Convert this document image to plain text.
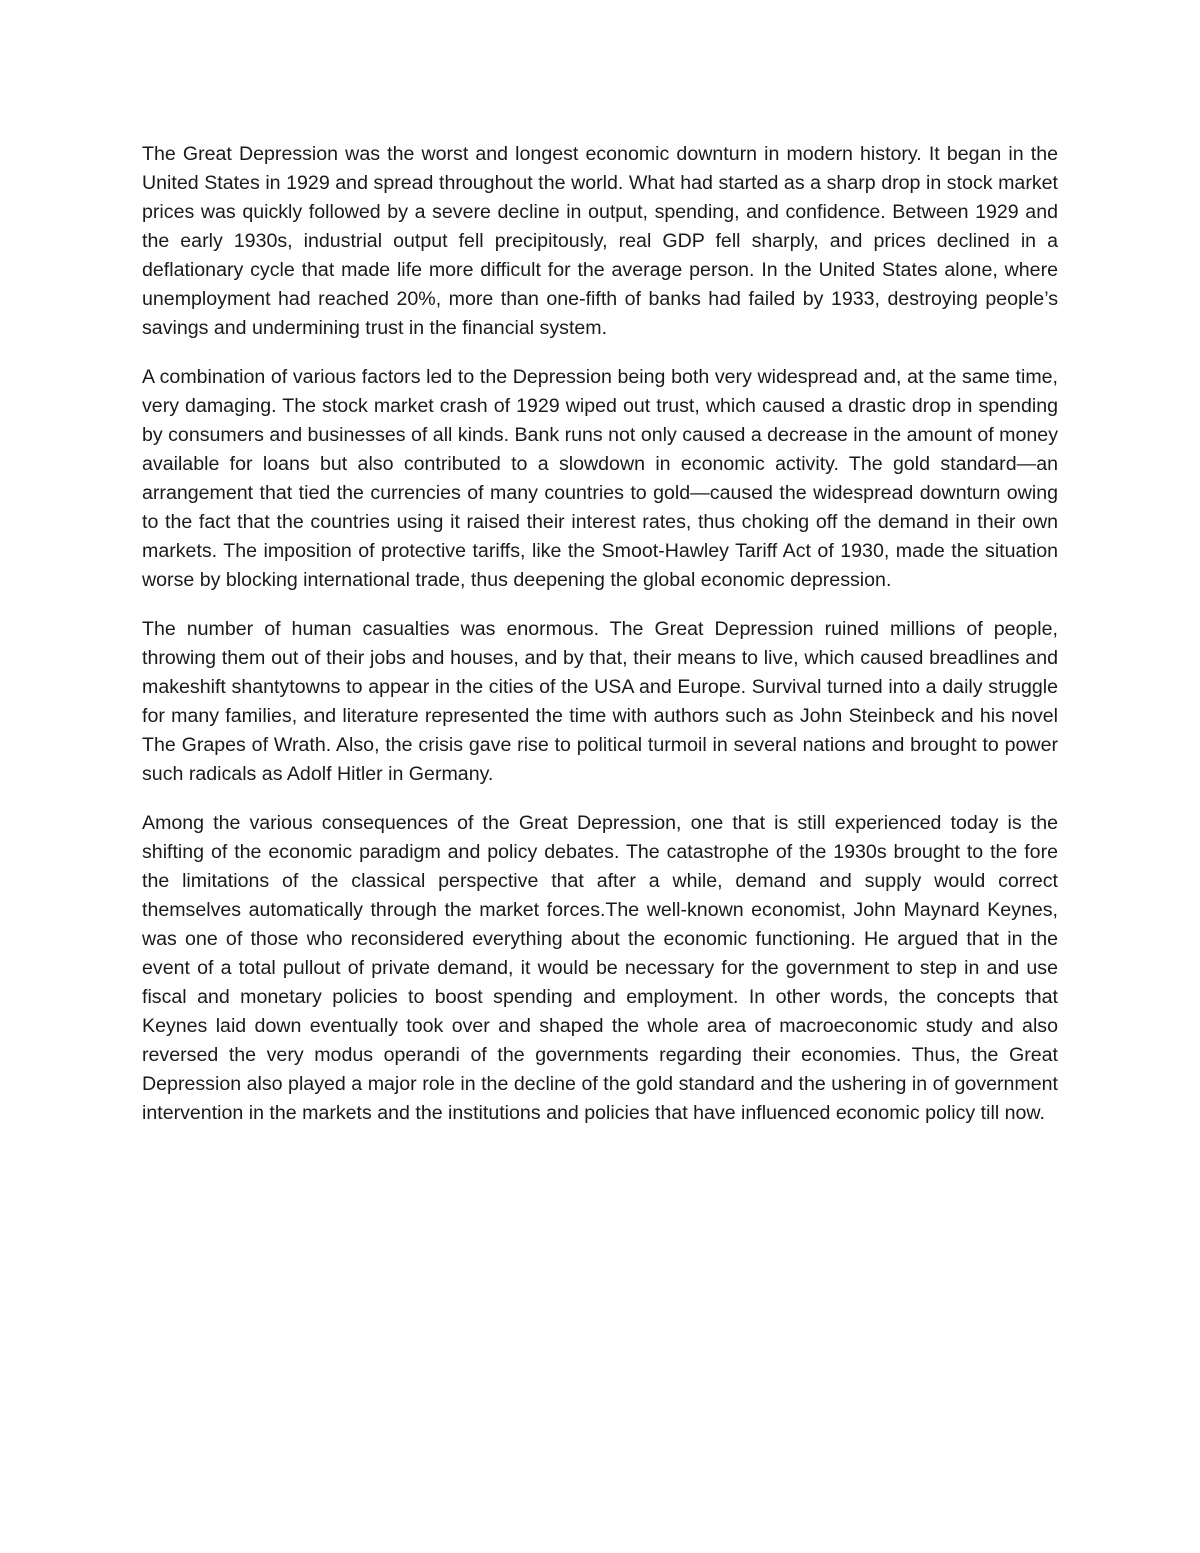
The Great Depression was the worst and longest economic downturn in modern history. It began in the United States in 1929 and spread throughout the world. What had started as a sharp drop in stock market prices was quickly followed by a severe decline in output, spending, and confidence. Between 1929 and the early 1930s, industrial output fell precipitously, real GDP fell sharply, and prices declined in a deflationary cycle that made life more difficult for the average person. In the United States alone, where unemployment had reached 20%, more than one-fifth of banks had failed by 1933, destroying people’s savings and undermining trust in the financial system.

A combination of various factors led to the Depression being both very widespread and, at the same time, very damaging. The stock market crash of 1929 wiped out trust, which caused a drastic drop in spending by consumers and businesses of all kinds. Bank runs not only caused a decrease in the amount of money available for loans but also contributed to a slowdown in economic activity. The gold standard—an arrangement that tied the currencies of many countries to gold—caused the widespread downturn owing to the fact that the countries using it raised their interest rates, thus choking off the demand in their own markets. The imposition of protective tariffs, like the Smoot-Hawley Tariff Act of 1930, made the situation worse by blocking international trade, thus deepening the global economic depression.

The number of human casualties was enormous. The Great Depression ruined millions of people, throwing them out of their jobs and houses, and by that, their means to live, which caused breadlines and makeshift shantytowns to appear in the cities of the USA and Europe. Survival turned into a daily struggle for many families, and literature represented the time with authors such as John Steinbeck and his novel The Grapes of Wrath. Also, the crisis gave rise to political turmoil in several nations and brought to power such radicals as Adolf Hitler in Germany.

Among the various consequences of the Great Depression, one that is still experienced today is the shifting of the economic paradigm and policy debates. The catastrophe of the 1930s brought to the fore the limitations of the classical perspective that after a while, demand and supply would correct themselves automatically through the market forces.The well-known economist, John Maynard Keynes, was one of those who reconsidered everything about the economic functioning. He argued that in the event of a total pullout of private demand, it would be necessary for the government to step in and use fiscal and monetary policies to boost spending and employment. In other words, the concepts that Keynes laid down eventually took over and shaped the whole area of macroeconomic study and also reversed the very modus operandi of the governments regarding their economies. Thus, the Great Depression also played a major role in the decline of the gold standard and the ushering in of government intervention in the markets and the institutions and policies that have influenced economic policy till now.
